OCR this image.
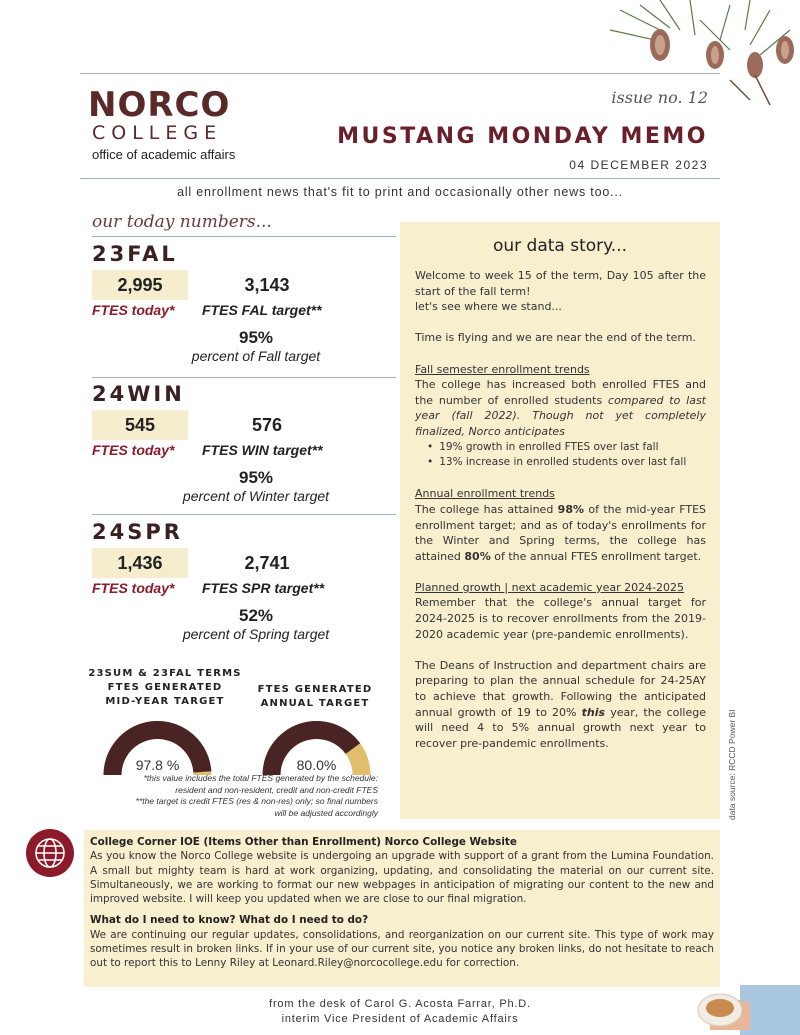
NORCO
COLLEGE
office of academic affairs
issue no. 12
MUSTANG MONDAY MEMO
04 DECEMBER 2023
all enrollment news that's fit to print and occasionally other news too...
our today numbers...
23FAL
2,995	3,143
FTES today* FTES FAL target**
95%
percent of Fall target
24WIN
545	576
FTES today* FTES WIN target**
95%
percent of Winter target
24SPR
1,436	2,741
FTES today* FTES SPR target**
52%
percent of Spring target
23SUM & 23FAL TERMS
FTES GENERATED
MID-YEAR TARGET
FTES GENERATED
ANNUAL TARGET
97.8 %	80.0%
*this value includes the total FTES generated by the schedule:
resident and non-resident, credit and non-credit FTES
**the target is credit FTES (res & non-res) only; so final numbers
will be adjusted accordingly
our data story...

Welcome to week 15 of the term, Day 105 after the start of the fall term!

let's see where we stand...

Time is flying and we are near the end of the term.

Fall semester enrollment trends

The college has increased both enrolled FTES and the number of enrolled students compared to last year (fall 2022). Though not yet completely finalized, Norco anticipates

• 19% growth in enrolled FTES over last fall
• 13% increase in enrolled students over last fall

Annual enrollment trends

The college has attained 98% of the mid-year FTES enrollment target; and as of today's enrollments for the Winter and Spring terms, the college has attained 80% of the annual FTES enrollment target.

Planned growth | next academic year 2024-2025

Remember that the college's annual target for 2024-2025 is to recover enrollments from the 2019-2020 academic year (pre-pandemic enrollments).

The Deans of Instruction and department chairs are preparing to plan the annual schedule for 24-25AY to achieve that growth. Following the anticipated annual growth of 19 to 20% this year, the college will need 4 to 5% annual growth next year to recover pre-pandemic enrollments.	data source: RCCD Power BI
College Corner IOE (Items Other than Enrollment) Norco College Website

As you know the Norco College website is undergoing an upgrade with support of a grant from the Lumina Foundation. A small but mighty team is hard at work organizing, updating, and consolidating the material on our current site. Simultaneously, we are working to format our new webpages in anticipation of migrating our content to the new and improved website. I will keep you updated when we are close to our final migration.

What do I need to know? What do I need to do?

We are continuing our regular updates, consolidations, and reorganization on our current site. This type of work may sometimes result in broken links. If in your use of our current site, you notice any broken links, do not hesitate to reach out to report this to Lenny Riley at Leonard.Riley@norcocollege.edu for correction.

from the desk of Carol G. Acosta Farrar, Ph.D.
interim Vice President of Academic Affairs
